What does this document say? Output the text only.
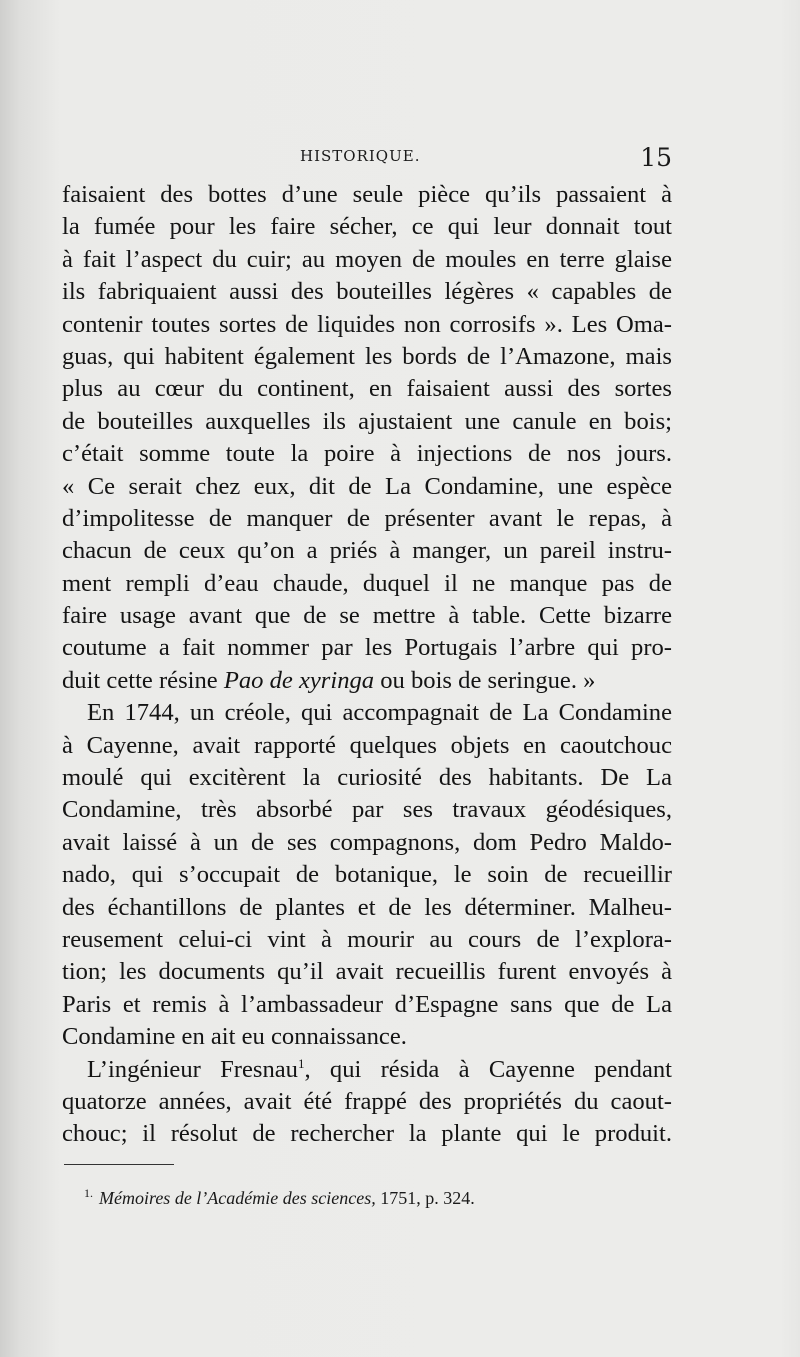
HISTORIQUE.	15
faisaient des bottes d’une seule pièce qu’ils passaient à
la fumée pour les faire sécher, ce qui leur donnait tout
à fait l’aspect du cuir; au moyen de moules en terre glaise
ils fabriquaient aussi des bouteilles légères « capables de
contenir toutes sortes de liquides non corrosifs ». Les Oma-
guas, qui habitent également les bords de l’Amazone, mais
plus au cœur du continent, en faisaient aussi des sortes
de bouteilles auxquelles ils ajustaient une canule en bois;
c’était somme toute la poire à injections de nos jours.
« Ce serait chez eux, dit de La Condamine, une espèce
d’impolitesse de manquer de présenter avant le repas, à
chacun de ceux qu’on a priés à manger, un pareil instru-
ment rempli d’eau chaude, duquel il ne manque pas de
faire usage avant que de se mettre à table. Cette bizarre
coutume a fait nommer par les Portugais l’arbre qui pro-
duit cette résine Pao de xyringa ou bois de seringue. »
En 1744, un créole, qui accompagnait de La Condamine
à Cayenne, avait rapporté quelques objets en caoutchouc
moulé qui excitèrent la curiosité des habitants. De La
Condamine, très absorbé par ses travaux géodésiques,
avait laissé à un de ses compagnons, dom Pedro Maldo-
nado, qui s’occupait de botanique, le soin de recueillir
des échantillons de plantes et de les déterminer. Malheu-
reusement celui-ci vint à mourir au cours de l’explora-
tion; les documents qu’il avait recueillis furent envoyés à
Paris et remis à l’ambassadeur d’Espagne sans que de La
Condamine en ait eu connaissance.
L’ingénieur Fresnau$^1$, qui résida à Cayenne pendant
quatorze années, avait été frappé des propriétés du caout-
chouc; il résolut de rechercher la plante qui le produit.
$^{1.}$ Mémoires de l’Académie des sciences, 1751, p. 324.
